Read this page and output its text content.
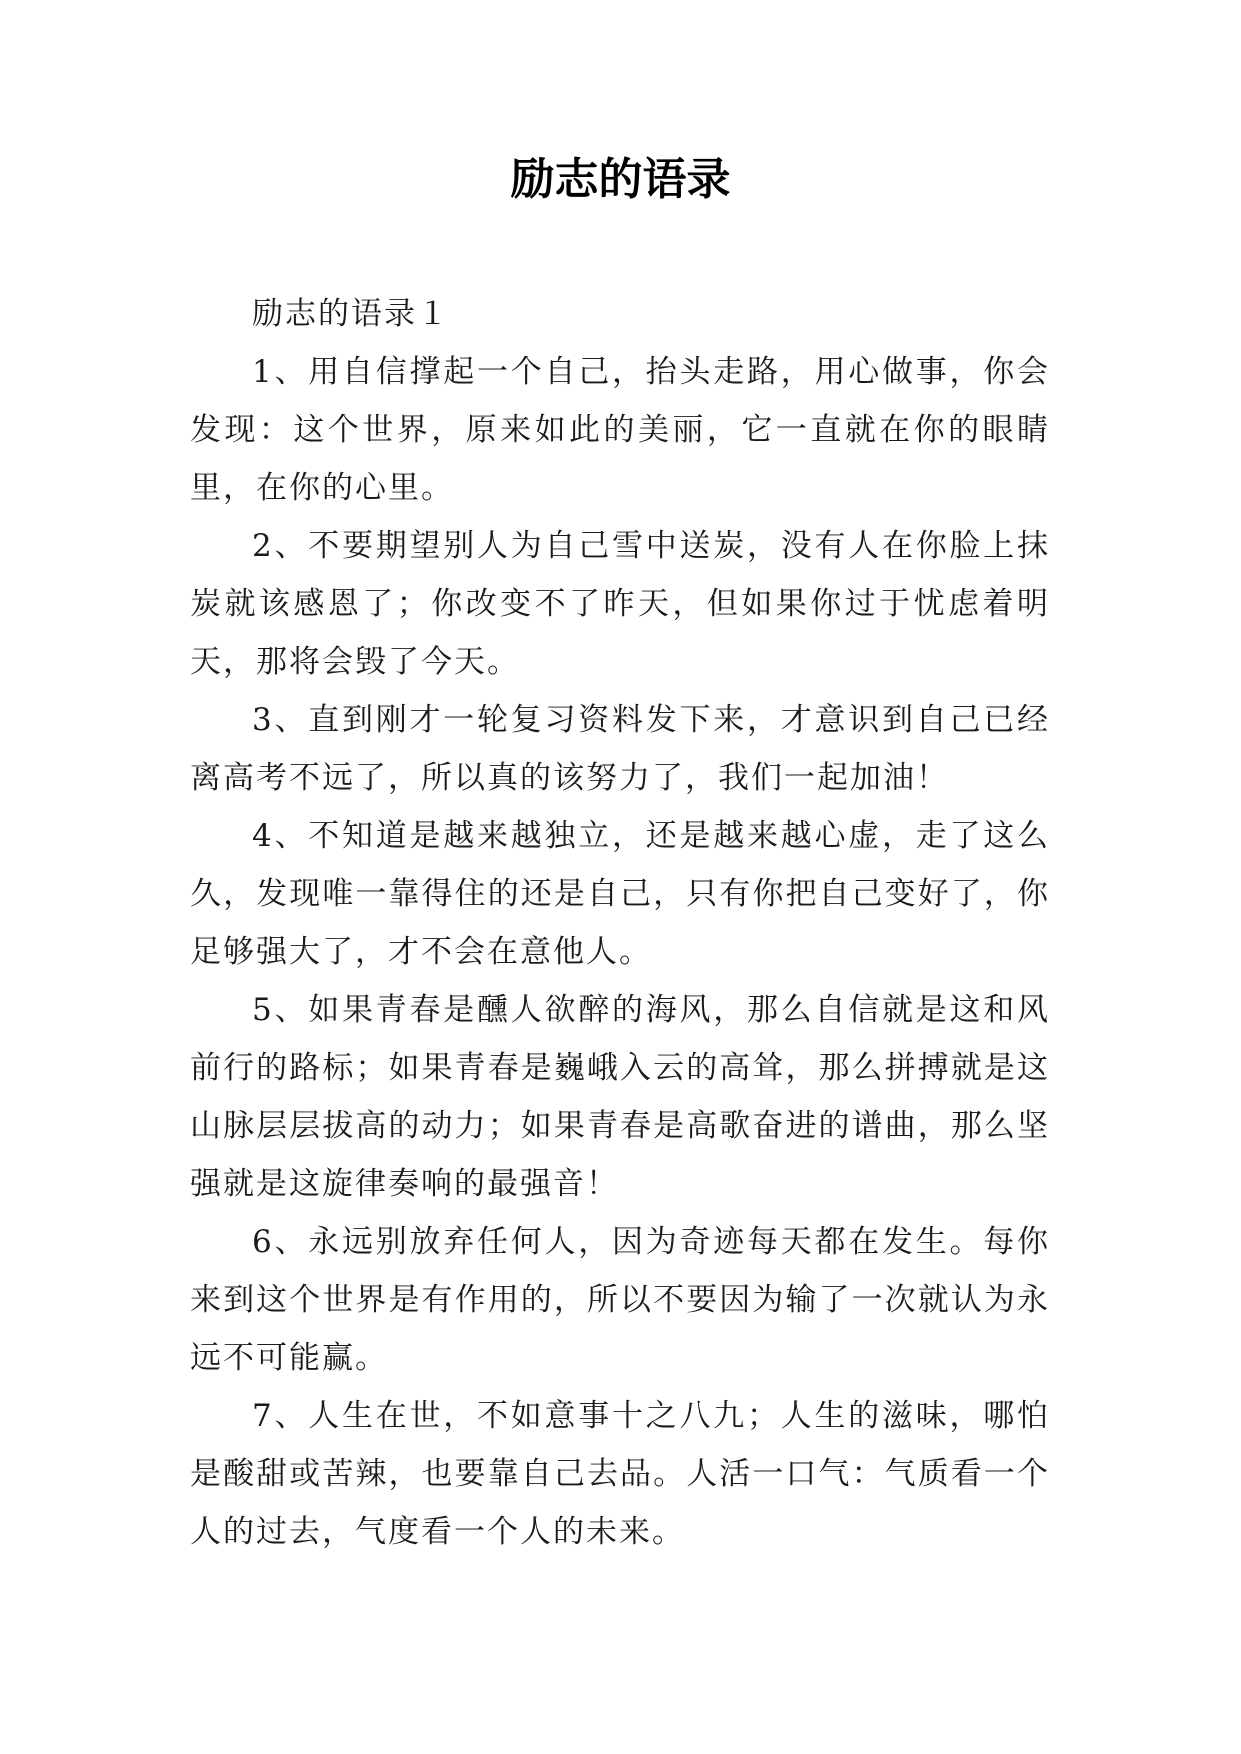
励志的语录

励志的语录１

1、用自信撑起一个自己，抬头走路，用心做事，你会发现：这个世界，原来如此的美丽，它一直就在你的眼睛里，在你的心里。

2、不要期望别人为自己雪中送炭，没有人在你脸上抹炭就该感恩了；你改变不了昨天，但如果你过于忧虑着明天，那将会毁了今天。

3、直到刚才一轮复习资料发下来，才意识到自己已经离高考不远了，所以真的该努力了，我们一起加油！

4、不知道是越来越独立，还是越来越心虚，走了这么久，发现唯一靠得住的还是自己，只有你把自己变好了，你足够强大了，才不会在意他人。

5、如果青春是醺人欲醉的海风，那么自信就是这和风前行的路标；如果青春是巍峨入云的高耸，那么拼搏就是这山脉层层拔高的动力；如果青春是高歌奋进的谱曲，那么坚强就是这旋律奏响的最强音！

6、永远别放弃任何人，因为奇迹每天都在发生。每你来到这个世界是有作用的，所以不要因为输了一次就认为永远不可能赢。

7、人生在世，不如意事十之八九；人生的滋味，哪怕是酸甜或苦辣，也要靠自己去品。人活一口气：气质看一个人的过去，气度看一个人的未来。
